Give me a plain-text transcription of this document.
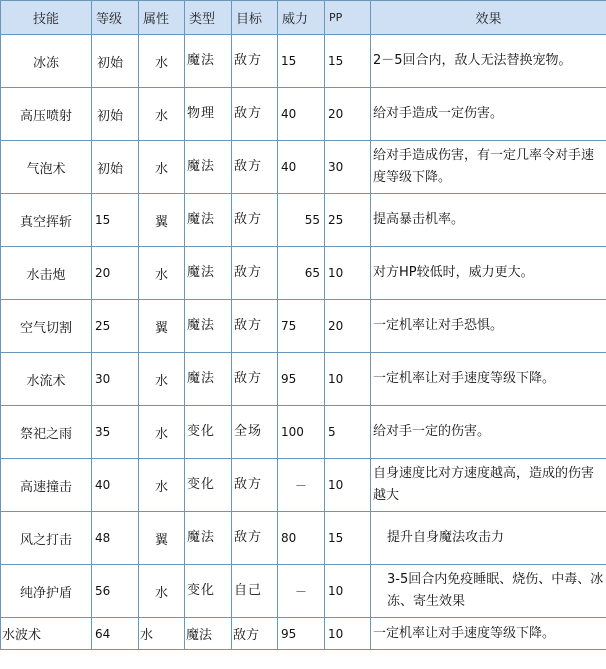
技能	等级	属性	类型	目标	威力	PP	效果
冰冻	初始	水	魔法	敌方	15	15	2－5回合内，敌人无法替换宠物。
高压喷射	初始	水	物理	敌方	40	20	给对手造成一定伤害。
气泡术	初始	水	魔法	敌方	40	30	给对手造成伤害，有一定几率令对手速度等级下降。
真空挥斩	15	翼	魔法	敌方	55	25	提高暴击机率。
水击炮	20	水	魔法	敌方	65	10	对方HP较低时，威力更大。
空气切割	25	翼	魔法	敌方	75	20	一定机率让对手恐惧。
水流术	30	水	魔法	敌方	95	10	一定机率让对手速度等级下降。
祭祀之雨	35	水	变化	全场	100	5	给对手一定的伤害。
高速撞击	40	水	变化	敌方	－	10	自身速度比对方速度越高，造成的伤害越大
风之打击	48	翼	魔法	敌方	80	15	提升自身魔法攻击力
纯净护盾	56	水	变化	自己	－	10	3-5回合内免疫睡眠、烧伤、中毒、冰冻、寄生效果
水波术	64	水	魔法	敌方	95	10	一定机率让对手速度等级下降。
